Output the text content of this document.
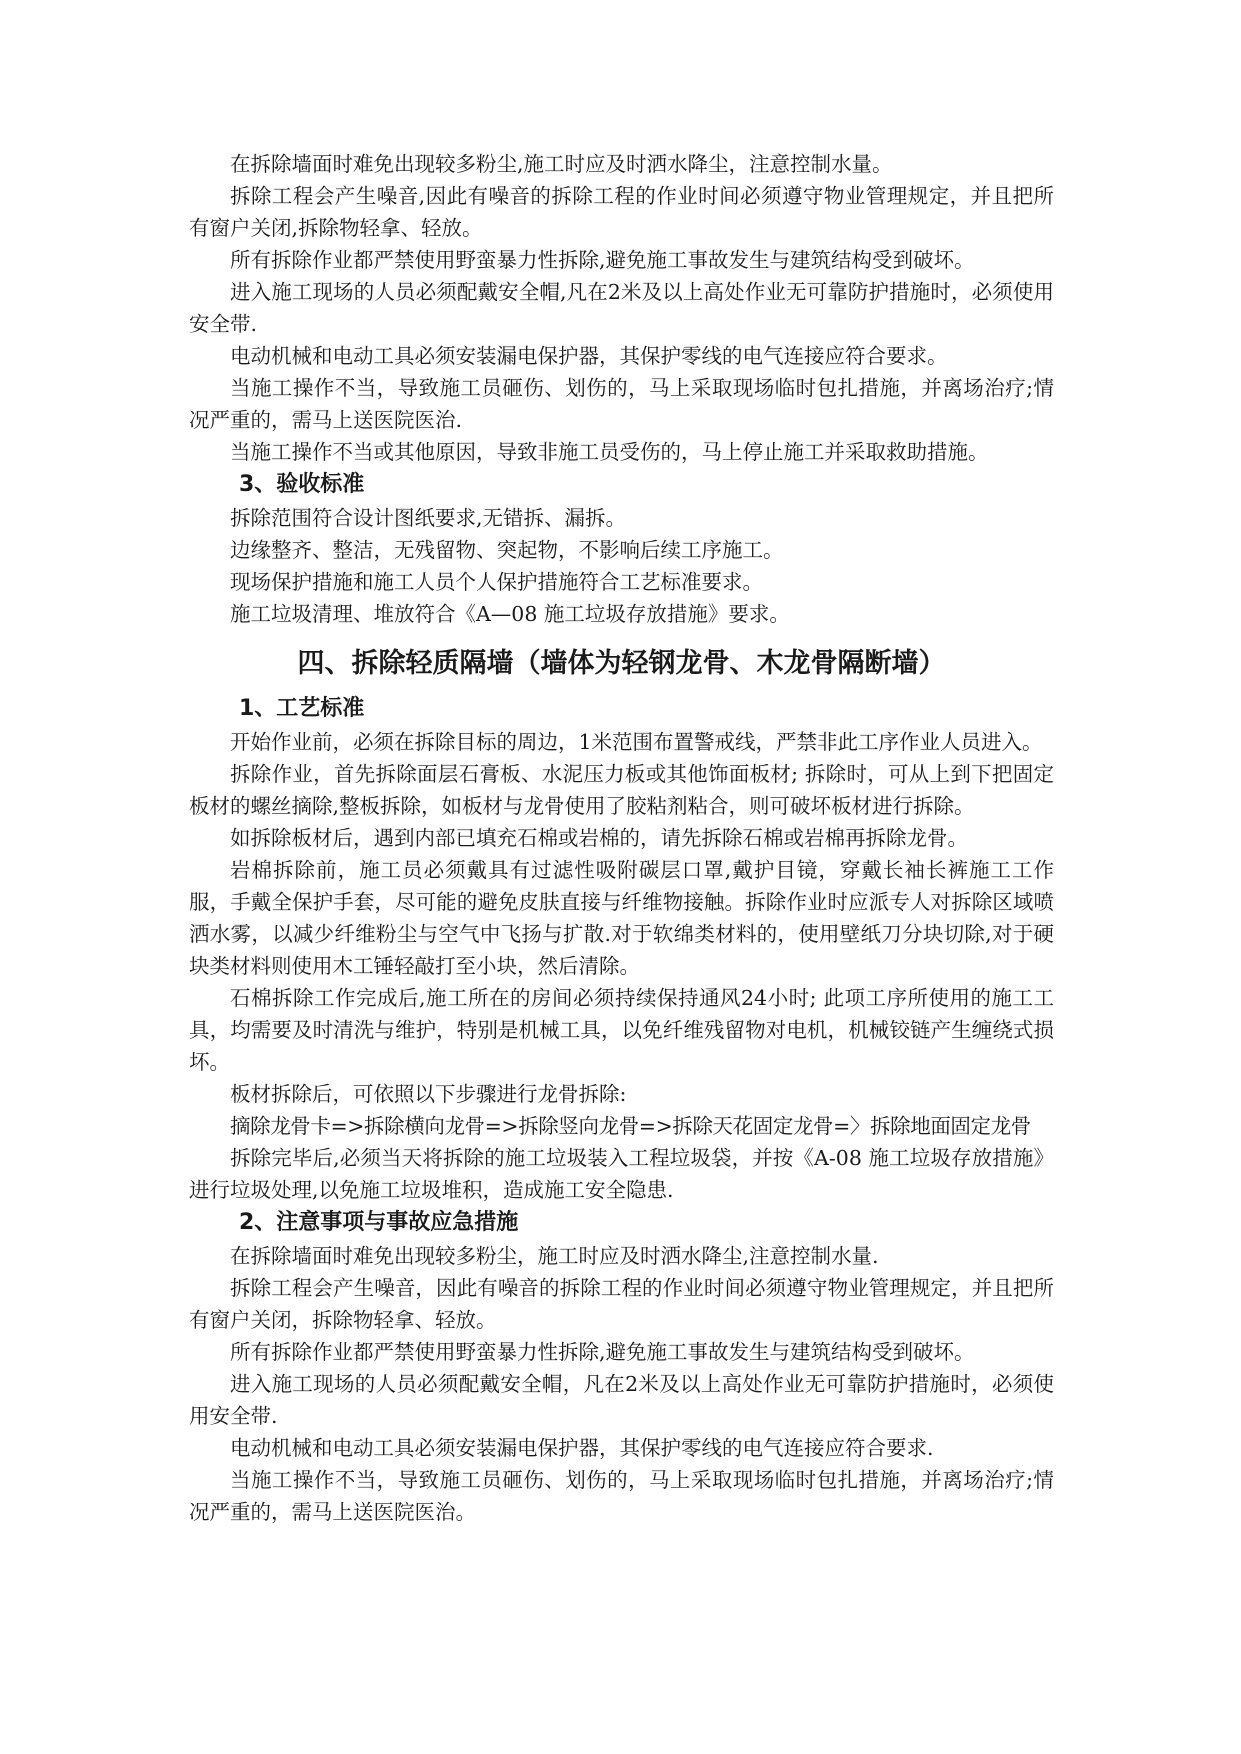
在拆除墙面时难免出现较多粉尘,施工时应及时洒水降尘，注意控制水量。

拆除工程会产生噪音,因此有噪音的拆除工程的作业时间必须遵守物业管理规定，并且把所有窗户关闭,拆除物轻拿、轻放。

所有拆除作业都严禁使用野蛮暴力性拆除,避免施工事故发生与建筑结构受到破坏。

进入施工现场的人员必须配戴安全帽,凡在2米及以上高处作业无可靠防护措施时，必须使用安全带.

电动机械和电动工具必须安装漏电保护器，其保护零线的电气连接应符合要求。

当施工操作不当，导致施工员砸伤、划伤的，马上采取现场临时包扎措施，并离场治疗;情况严重的，需马上送医院医治.

当施工操作不当或其他原因，导致非施工员受伤的，马上停止施工并采取救助措施。

3、验收标准

拆除范围符合设计图纸要求,无错拆、漏拆。

边缘整齐、整洁，无残留物、突起物，不影响后续工序施工。

现场保护措施和施工人员个人保护措施符合工艺标准要求。

施工垃圾清理、堆放符合《A—08 施工垃圾存放措施》要求。

四、拆除轻质隔墙（墙体为轻钢龙骨、木龙骨隔断墙）
1、工艺标准

开始作业前，必须在拆除目标的周边，1米范围布置警戒线，严禁非此工序作业人员进入。

拆除作业，首先拆除面层石膏板、水泥压力板或其他饰面板材; 拆除时，可从上到下把固定板材的螺丝摘除,整板拆除，如板材与龙骨使用了胶粘剂粘合，则可破坏板材进行拆除。

如拆除板材后，遇到内部已填充石棉或岩棉的，请先拆除石棉或岩棉再拆除龙骨。

岩棉拆除前，施工员必须戴具有过滤性吸附碳层口罩,戴护目镜，穿戴长袖长裤施工工作服，手戴全保护手套，尽可能的避免皮肤直接与纤维物接触。拆除作业时应派专人对拆除区域喷洒水雾，以减少纤维粉尘与空气中飞扬与扩散.对于软绵类材料的，使用壁纸刀分块切除,对于硬块类材料则使用木工锤轻敲打至小块，然后清除。

石棉拆除工作完成后,施工所在的房间必须持续保持通风24小时; 此项工序所使用的施工工具，均需要及时清洗与维护，特别是机械工具，以免纤维残留物对电机，机械铰链产生缠绕式损坏。

板材拆除后，可依照以下步骤进行龙骨拆除:

摘除龙骨卡=>拆除横向龙骨=>拆除竖向龙骨=>拆除天花固定龙骨=〉拆除地面固定龙骨

拆除完毕后,必须当天将拆除的施工垃圾装入工程垃圾袋，并按《A-08 施工垃圾存放措施》进行垃圾处理,以免施工垃圾堆积，造成施工安全隐患.

2、注意事项与事故应急措施

在拆除墙面时难免出现较多粉尘，施工时应及时洒水降尘,注意控制水量.

拆除工程会产生噪音，因此有噪音的拆除工程的作业时间必须遵守物业管理规定，并且把所有窗户关闭，拆除物轻拿、轻放。

所有拆除作业都严禁使用野蛮暴力性拆除,避免施工事故发生与建筑结构受到破坏。

进入施工现场的人员必须配戴安全帽，凡在2米及以上高处作业无可靠防护措施时，必须使用安全带.

电动机械和电动工具必须安装漏电保护器，其保护零线的电气连接应符合要求.

当施工操作不当，导致施工员砸伤、划伤的，马上采取现场临时包扎措施，并离场治疗;情况严重的，需马上送医院医治。
